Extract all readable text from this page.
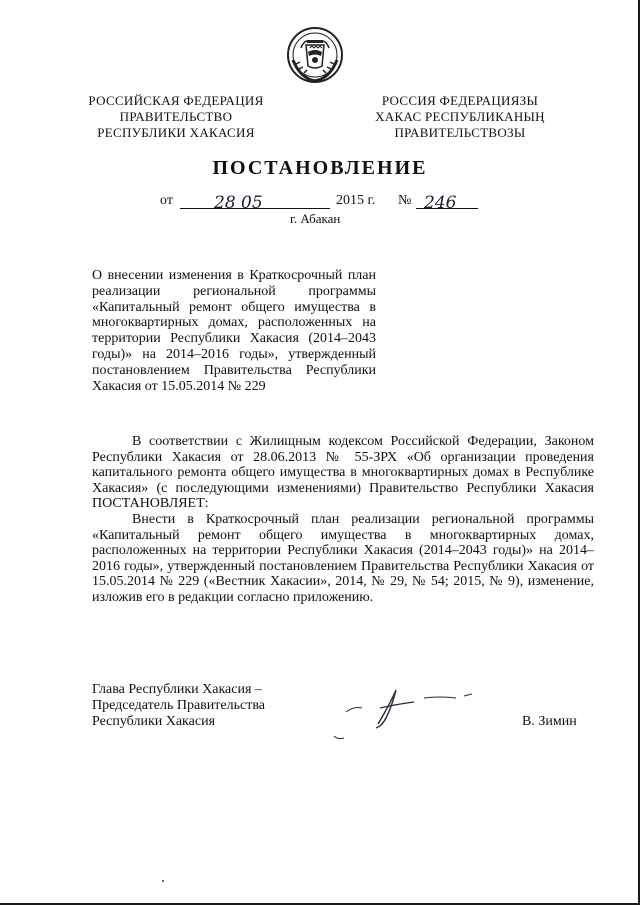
РОССИЙСКАЯ ФЕДЕРАЦИЯ
ПРАВИТЕЛЬСТВО
РЕСПУБЛИКИ ХАКАСИЯ
РОССИЯ ФЕДЕРАЦИЯЗЫ
ХАКАС РЕСПУБЛИКАНЫҢ
ПРАВИТЕЛЬСТВОЗЫ
ПОСТАНОВЛЕНИЕ
от 28 05	2015 г. № 246
г. Абакан
О внесении изменения в Краткосрочный план реализации региональной программы «Капитальный ремонт общего имущества в многоквартирных домах, расположенных на территории Республики Хакасия (2014–2043 годы)» на 2014–2016 годы», утвержденный постановлением Правительства Республики Хакасия от 15.05.2014 № 229

В соответствии с Жилищным кодексом Российской Федерации, Законом Республики Хакасия от 28.06.2013 № 55-ЗРХ «Об организации проведения капитального ремонта общего имущества в многоквартирных домах в Республике Хакасия» (с последующими изменениями) Правительство Республики Хакасия ПОСТАНОВЛЯЕТ:

Внести в Краткосрочный план реализации региональной программы «Капитальный ремонт общего имущества в многоквартирных домах, расположенных на территории Республики Хакасия (2014–2043 годы)» на 2014–2016 годы», утвержденный постановлением Правительства Республики Хакасия от 15.05.2014 № 229 («Вестник Хакасии», 2014, № 29, № 54; 2015, № 9), изменение, изложив его в редакции согласно приложению.

Глава Республики Хакасия –
Председатель Правительства
Республики Хакасия	В. Зимин
